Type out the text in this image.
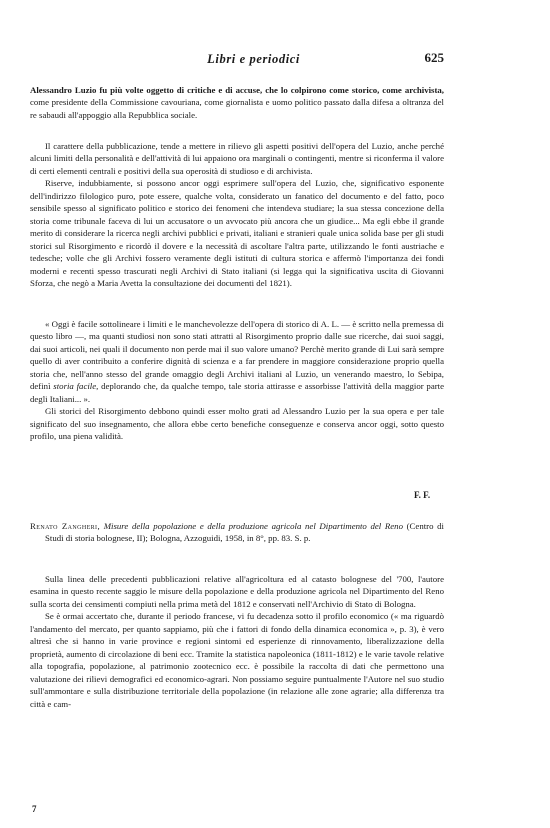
Libri e periodici	625

Alessandro Luzio fu più volte oggetto di critiche e di accuse, che lo colpirono come storico, come archivista, come presidente della Commissione cavouriana, come giornalista e uomo politico passato dalla difesa a oltranza del re sabaudi all'appoggio alla Repubblica sociale.

Il carattere della pubblicazione, tende a mettere in rilievo gli aspetti positivi dell'opera del Luzio, anche perché alcuni limiti della personalità e dell'attività di lui appaiono ora marginali o contingenti, mentre si riconferma il valore di certi elementi centrali e positivi della sua operosità di studioso e di archivista.

Riserve, indubbiamente, si possono ancor oggi esprimere sull'opera del Luzio, che, significativo esponente dell'indirizzo filologico puro, pote essere, qualche volta, considerato un fanatico del documento e del fatto, poco sensibile spesso al significato politico e storico dei fenomeni che intendeva studiare; la sua stessa concezione della storia come tribunale faceva di lui un accusatore o un avvocato più ancora che un giudice... Ma egli ebbe il grande merito di considerare la ricerca negli archivi pubblici e privati, italiani e stranieri quale unica solida base per gli studi storici sul Risorgimento e ricordò il dovere e la necessità di ascoltare l'altra parte, utilizzando le fonti austriache e tedesche; volle che gli Archivi fossero veramente degli istituti di cultura storica e affermò l'importanza dei fondi moderni e recenti spesso trascurati negli Archivi di Stato italiani (si legga qui la significativa uscita di Giovanni Sforza, che negò a Maria Avetta la consultazione dei documenti del 1821).

« Oggi è facile sottolineare i limiti e le manchevolezze dell'opera di storico di A. L. — è scritto nella premessa di questo libro —, ma quanti studiosi non sono stati attratti al Risorgimento proprio dalle sue ricerche, dai suoi saggi, dai suoi articoli, nei quali il documento non perde mai il suo valore umano? Perchè merito grande di Lui sarà sempre quello di aver contribuito a conferire dignità di scienza e a far prendere in maggiore considerazione proprio quella storia che, nell'anno stesso del grande omaggio degli Archivi italiani al Luzio, un venerando maestro, lo Sebipa, definì storia facile, deplorando che, da qualche tempo, tale storia attirasse e assorbisse l'attività della maggior parte degli Italiani... ».

Gli storici del Risorgimento debbono quindi esser molto grati ad Alessandro Luzio per la sua opera e per tale significato del suo insegnamento, che allora ebbe certo benefiche conseguenze e conserva ancor oggi, sotto questo profilo, una piena validità.

F. F.

Renato Zangheri, Misure della popolazione e della produzione agricola nel Dipartimento del Reno (Centro di Studi di storia bolognese, II); Bologna, Azzoguidi, 1958, in 8°, pp. 83. S. p.

Sulla linea delle precedenti pubblicazioni relative all'agricoltura ed al catasto bolognese del '700, l'autore esamina in questo recente saggio le misure della popolazione e della produzione agricola nel Dipartimento del Reno sulla scorta dei censimenti compiuti nella prima metà del 1812 e conservati nell'Archivio di Stato di Bologna.

Se è ormai accertato che, durante il periodo francese, vi fu decadenza sotto il profilo economico (« ma riguardò l'andamento del mercato, per quanto sappiamo, più che i fattori di fondo della dinamica economica », p. 3), è vero altresì che si hanno in varie province e regioni sintomi ed esperienze di rinnovamento, liberalizzazione della proprietà, aumento di circolazione di beni ecc. Tramite la statistica napoleonica (1811-1812) e le varie tavole relative alla topografia, popolazione, al patrimonio zootecnico ecc. è possibile la raccolta di dati che permettono una valutazione dei rilievi demografici ed economico-agrari. Non possiamo seguire puntualmente l'Autore nel suo studio sull'ammontare e sulla distribuzione territoriale della popolazione (in relazione alle zone agrarie; alla differenza tra città e cam-

7
